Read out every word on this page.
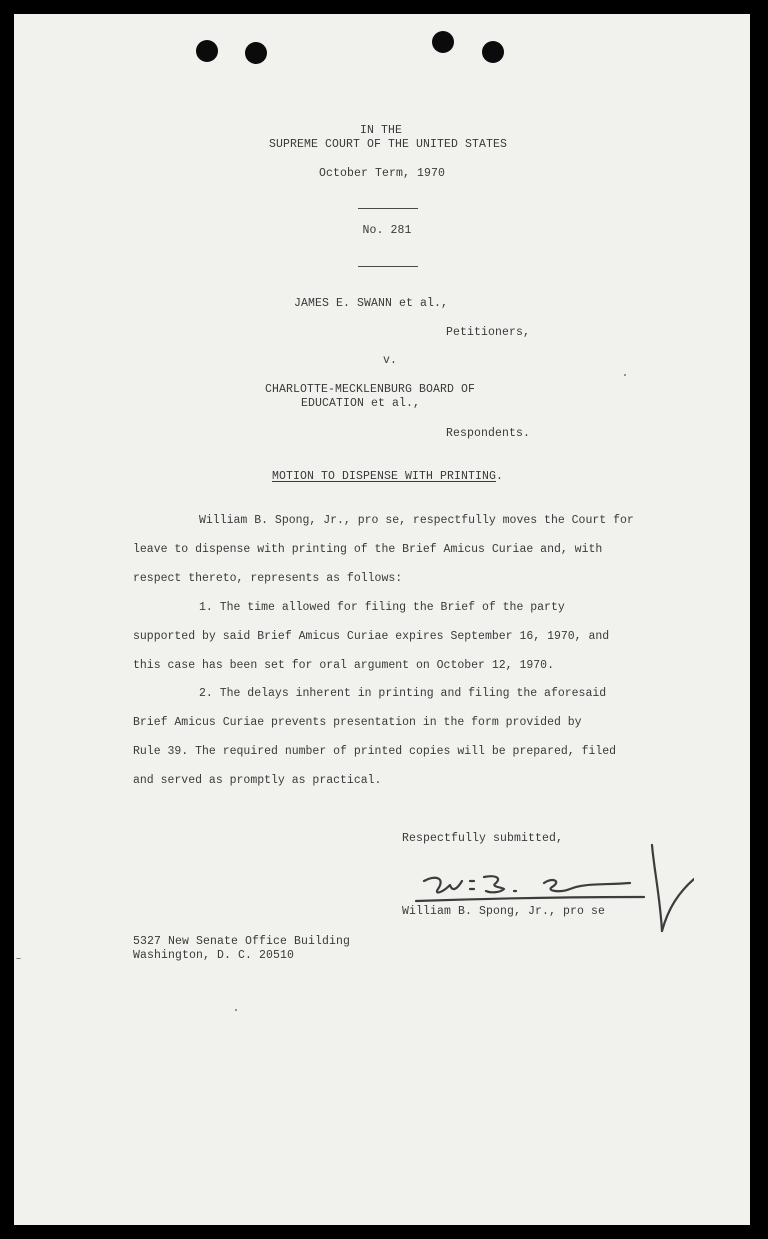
IN THE
SUPREME COURT OF THE UNITED STATES
October Term, 1970
No. 281
JAMES E. SWANN et al.,
Petitioners,
v.
CHARLOTTE-MECKLENBURG BOARD OF
EDUCATION et al.,
Respondents.
MOTION TO DISPENSE WITH PRINTING.
William B. Spong, Jr., pro se, respectfully moves the Court for
leave to dispense with printing of the Brief Amicus Curiae and, with
respect thereto, represents as follows:
1. The time allowed for filing the Brief of the party
supported by said Brief Amicus Curiae expires September 16, 1970, and
this case has been set for oral argument on October 12, 1970.
2. The delays inherent in printing and filing the aforesaid
Brief Amicus Curiae prevents presentation in the form provided by
Rule 39. The required number of printed copies will be prepared, filed
and served as promptly as practical.
Respectfully submitted,
William B. Spong, Jr., pro se
5327 New Senate Office Building
Washington, D. C. 20510
